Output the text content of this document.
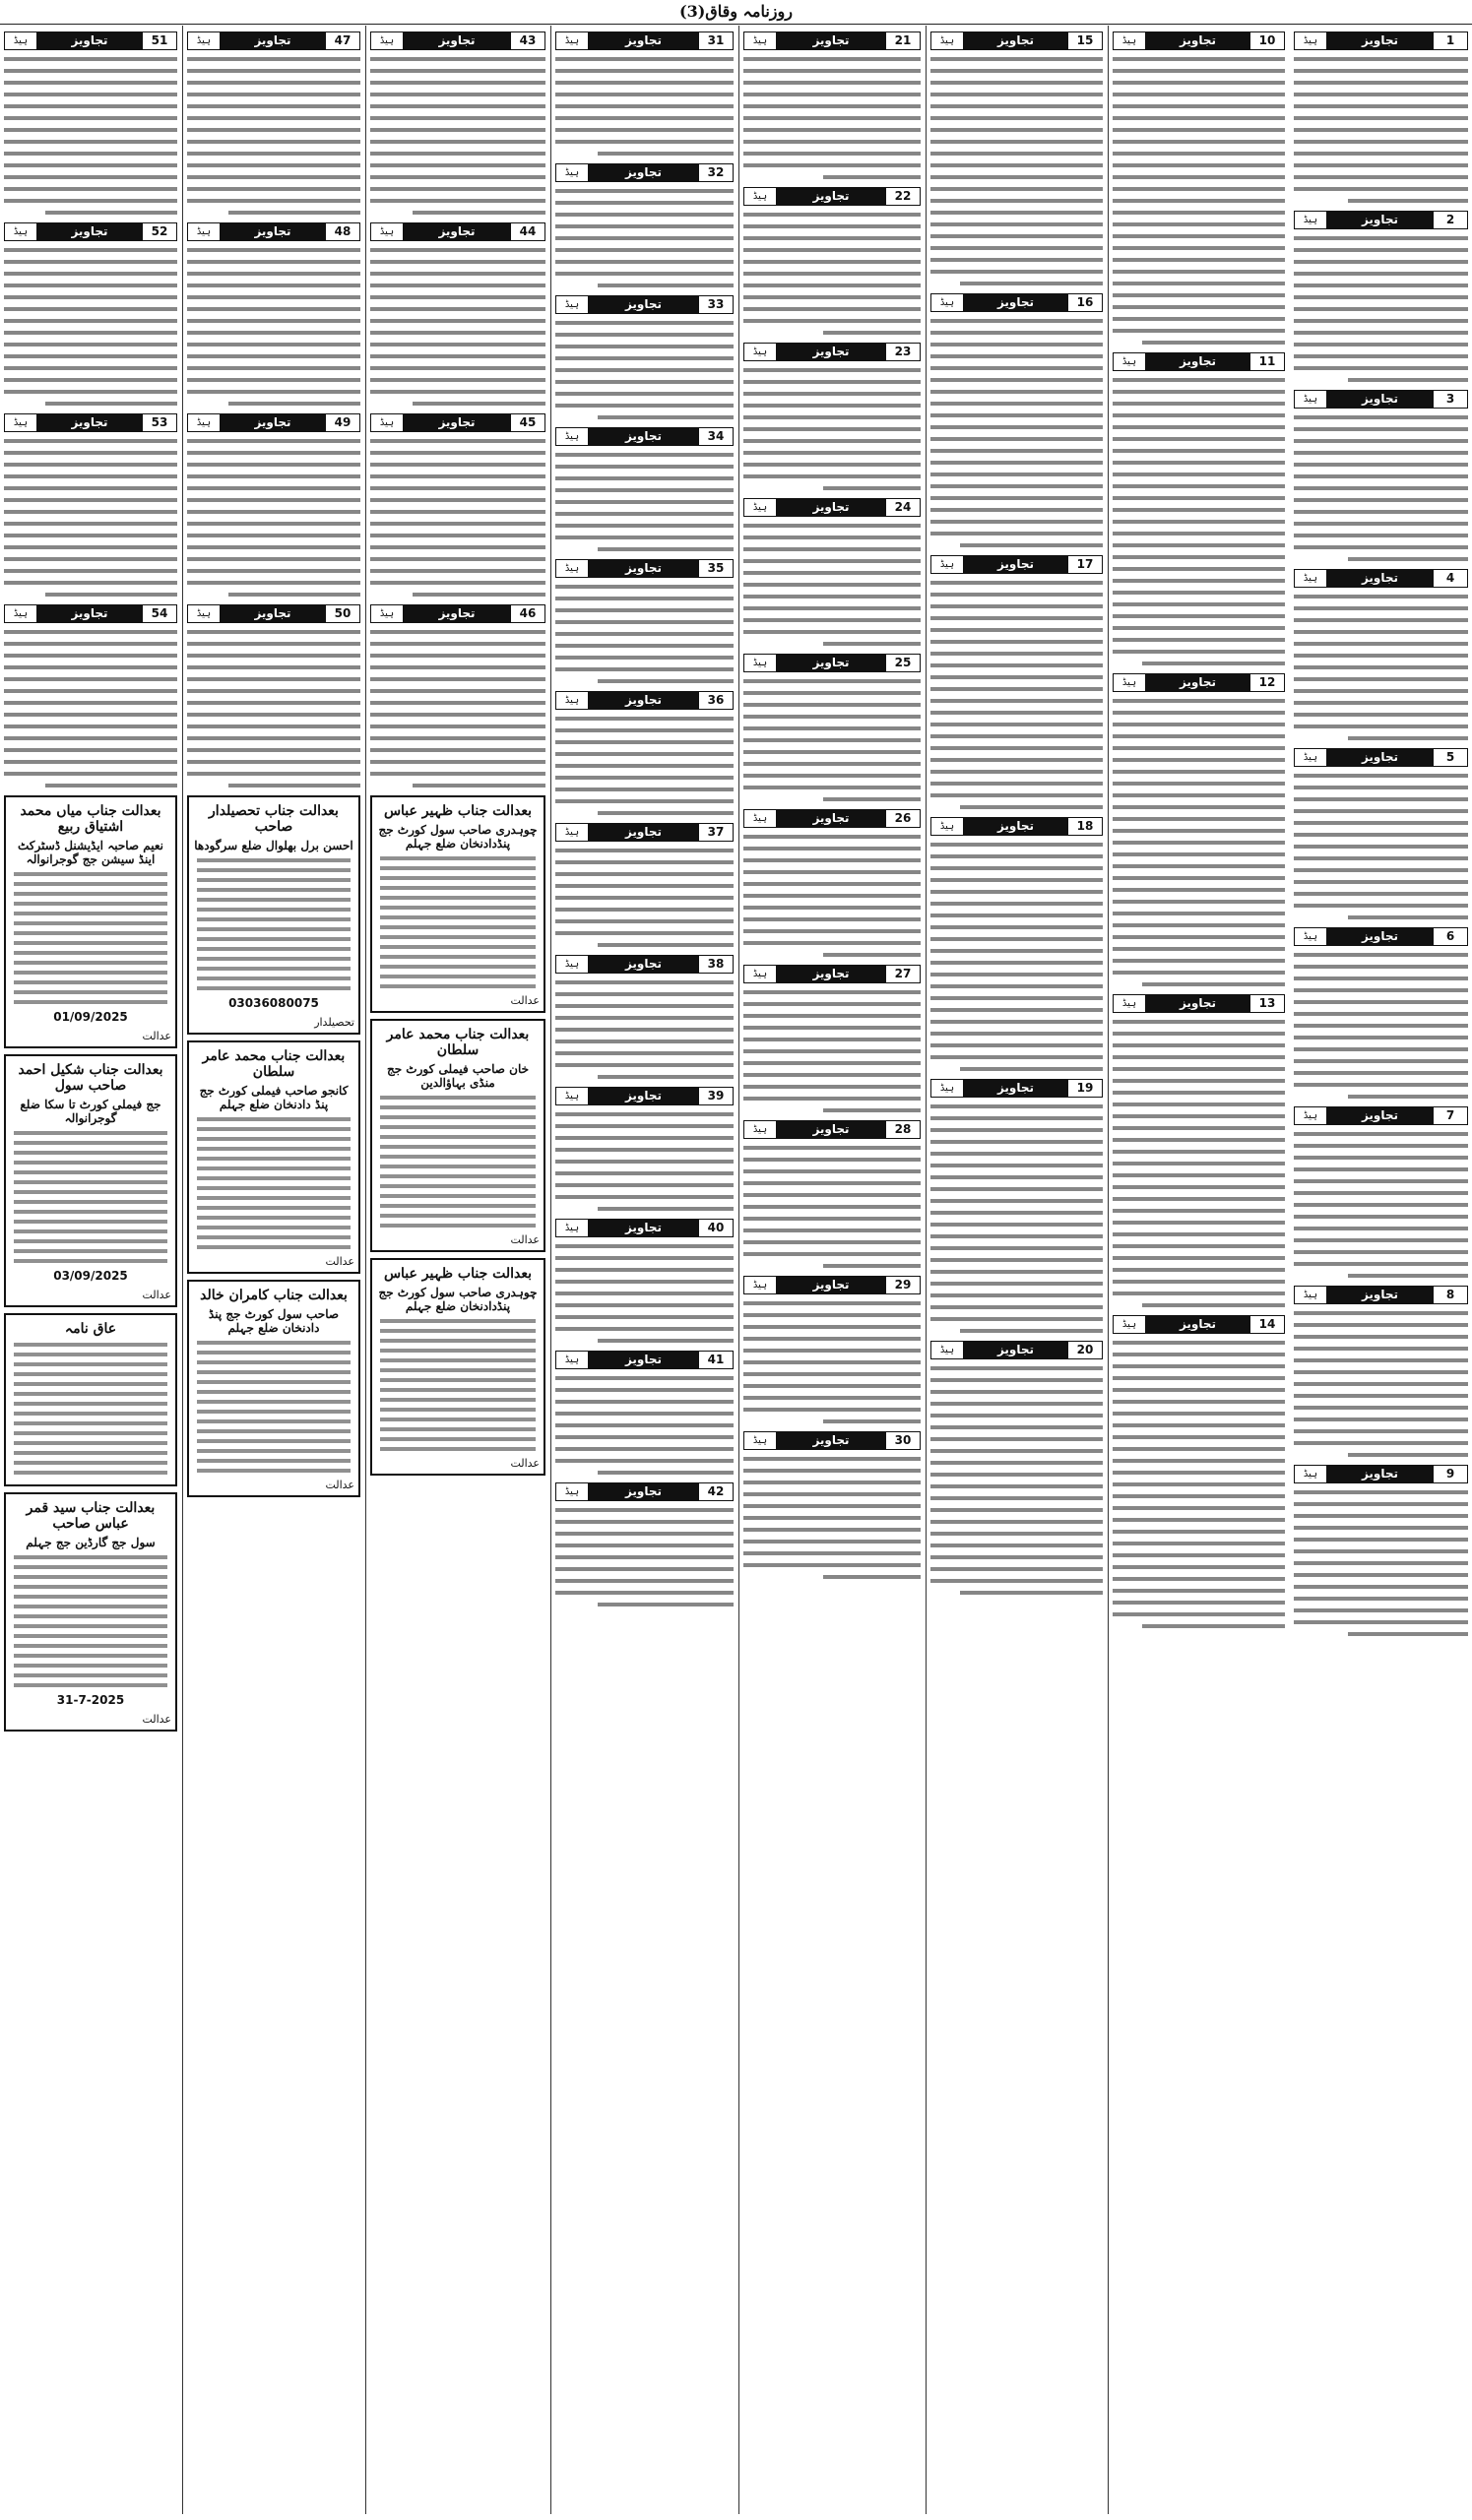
روزنامہ وقاق(3)
1
تجاویز
ہیڈ
2
تجاویز
ہیڈ
3
تجاویز
ہیڈ
4
تجاویز
ہیڈ
5
تجاویز
ہیڈ
6
تجاویز
ہیڈ
7
تجاویز
ہیڈ
8
تجاویز
ہیڈ
9
تجاویز
ہیڈ
10
تجاویز
ہیڈ
11
تجاویز
ہیڈ
12
تجاویز
ہیڈ
13
تجاویز
ہیڈ
14
تجاویز
ہیڈ
15
تجاویز
ہیڈ
16
تجاویز
ہیڈ
17
تجاویز
ہیڈ
18
تجاویز
ہیڈ
19
تجاویز
ہیڈ
20
تجاویز
ہیڈ
21
تجاویز
ہیڈ
22
تجاویز
ہیڈ
23
تجاویز
ہیڈ
24
تجاویز
ہیڈ
25
تجاویز
ہیڈ
26
تجاویز
ہیڈ
27
تجاویز
ہیڈ
28
تجاویز
ہیڈ
29
تجاویز
ہیڈ
30
تجاویز
ہیڈ
31
تجاویز
ہیڈ
32
تجاویز
ہیڈ
33
تجاویز
ہیڈ
34
تجاویز
ہیڈ
35
تجاویز
ہیڈ
36
تجاویز
ہیڈ
37
تجاویز
ہیڈ
38
تجاویز
ہیڈ
39
تجاویز
ہیڈ
40
تجاویز
ہیڈ
41
تجاویز
ہیڈ
42
تجاویز
ہیڈ
43
تجاویز
ہیڈ
44
تجاویز
ہیڈ
45
تجاویز
ہیڈ
46
تجاویز
ہیڈ
بعدالت جناب ظہیر عباس
چوہدری صاحب سول کورٹ جج پنڈدادنخان ضلع جہلم
عدالت
بعدالت جناب محمد عامر سلطان
خان صاحب فیملی کورٹ جج منڈی بہاؤالدین
عدالت
بعدالت جناب ظہیر عباس
چوہدری صاحب سول کورٹ جج پنڈدادنخان ضلع جہلم
عدالت
47
تجاویز
ہیڈ
48
تجاویز
ہیڈ
49
تجاویز
ہیڈ
50
تجاویز
ہیڈ
بعدالت جناب تحصیلدار صاحب
احسن برل بھلوال ضلع سرگودھا
03036080075
تحصیلدار
بعدالت جناب محمد عامر سلطان
کانجو صاحب فیملی کورٹ جج پنڈ دادنخان ضلع جہلم
عدالت
بعدالت جناب کامران خالد
صاحب سول کورٹ جج پنڈ دادنخان ضلع جہلم
عدالت
51
تجاویز
ہیڈ
52
تجاویز
ہیڈ
53
تجاویز
ہیڈ
54
تجاویز
ہیڈ
بعدالت جناب میاں محمد اشتیاق ربیع
نعیم صاحبہ ایڈیشنل ڈسٹرکٹ اینڈ سیشن جج گوجرانوالہ
01/09/2025
عدالت
بعدالت جناب شکیل احمد صاحب سول
جج فیملی کورٹ تا سکا ضلع گوجرانوالہ
03/09/2025
عدالت
عاق نامہ
بعدالت جناب سید قمر عباس صاحب
سول جج گارڈین جج جہلم
31-7-2025
عدالت
